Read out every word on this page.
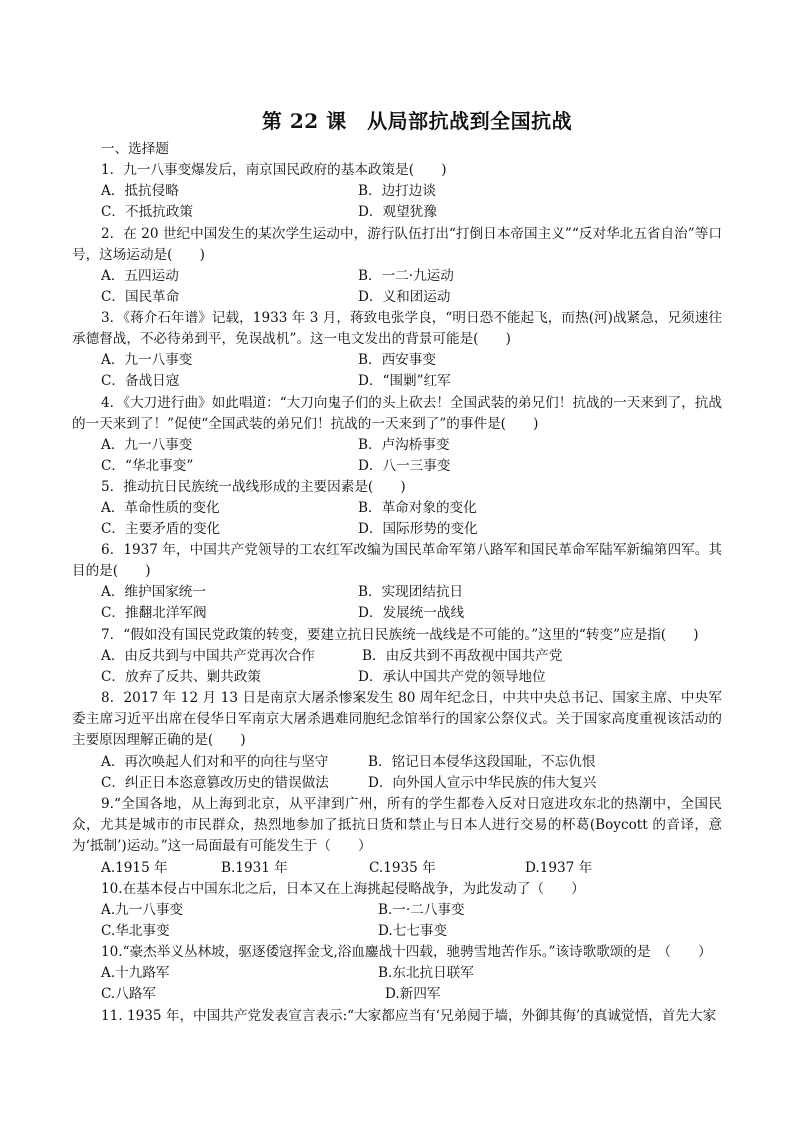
第 22 课　从局部抗战到全国抗战
一、选择题
1．九一八事变爆发后，南京国民政府的基本政策是(　　)
A．抵抗侵略	B．边打边谈
C．不抵抗政策	D．观望犹豫
2．在 20 世纪中国发生的某次学生运动中，游行队伍打出“打倒日本帝国主义”“反对华北五省自治”等口号，这场运动是(　　)
A．五四运动	B．一二·九运动
C．国民革命	D．义和团运动
3．《蒋介石年谱》记载，1933 年 3 月，蒋致电张学良，“明日恐不能起飞，而热(河)战紧急，兄须速往承德督战，不必待弟到平，免误战机”。这一电文发出的背景可能是(　　)
A．九一八事变	B．西安事变
C．备战日寇	D．“围剿”红军
4．《大刀进行曲》如此唱道：“大刀向鬼子们的头上砍去！全国武装的弟兄们！抗战的一天来到了，抗战的一天来到了！”促使“全国武装的弟兄们！抗战的一天来到了”的事件是(　　)
A．九一八事变	B．卢沟桥事变
C．“华北事变”	D．八一三事变
5．推动抗日民族统一战线形成的主要因素是(　　)
A．革命性质的变化	B．革命对象的变化
C．主要矛盾的变化	D．国际形势的变化
6．1937 年，中国共产党领导的工农红军改编为国民革命军第八路军和国民革命军陆军新编第四军。其目的是(　　)
A．维护国家统一	B．实现团结抗日
C．推翻北洋军阀	D．发展统一战线
7．“假如没有国民党政策的转变，要建立抗日民族统一战线是不可能的。”这里的“转变”应是指(　　)
A．由反共到与中国共产党再次合作	B．由反共到不再敌视中国共产党
C．放弃了反共、剿共政策	D．承认中国共产党的领导地位
8．2017 年 12 月 13 日是南京大屠杀惨案发生 80 周年纪念日，中共中央总书记、国家主席、中央军委主席习近平出席在侵华日军南京大屠杀遇难同胞纪念馆举行的国家公祭仪式。关于国家高度重视该活动的主要原因理解正确的是(　　)
A．再次唤起人们对和平的向往与坚守	B．铭记日本侵华这段国耻，不忘仇恨
C．纠正日本恣意篡改历史的错误做法	D．向外国人宣示中华民族的伟大复兴
9.“全国各地，从上海到北京，从平津到广州，所有的学生都卷入反对日寇进攻东北的热潮中，全国民众，尤其是城市的市民群众，热烈地参加了抵抗日货和禁止与日本人进行交易的杯葛(Boycott 的音译，意为‘抵制’)运动。”这一局面最有可能发生于（　　）
A.1915 年	B.1931 年	C.1935 年	D.1937 年
10.在基本侵占中国东北之后，日本又在上海挑起侵略战争，为此发动了（　　）
A.九一八事变	B.一·二八事变
C.华北事变	D.七七事变
10.“豪杰举义丛林坡，驱逐倭寇挥金戈,浴血鏖战十四载，驰骋雪地苦作乐。”该诗歌歌颂的是　（　　）
A.十九路军	B.东北抗日联军
C.八路军	D.新四军
11. 1935 年，中国共产党发表宣言表示:“大家都应当有‘兄弟阋于墙，外御其侮’的真诚觉悟，首先大家
